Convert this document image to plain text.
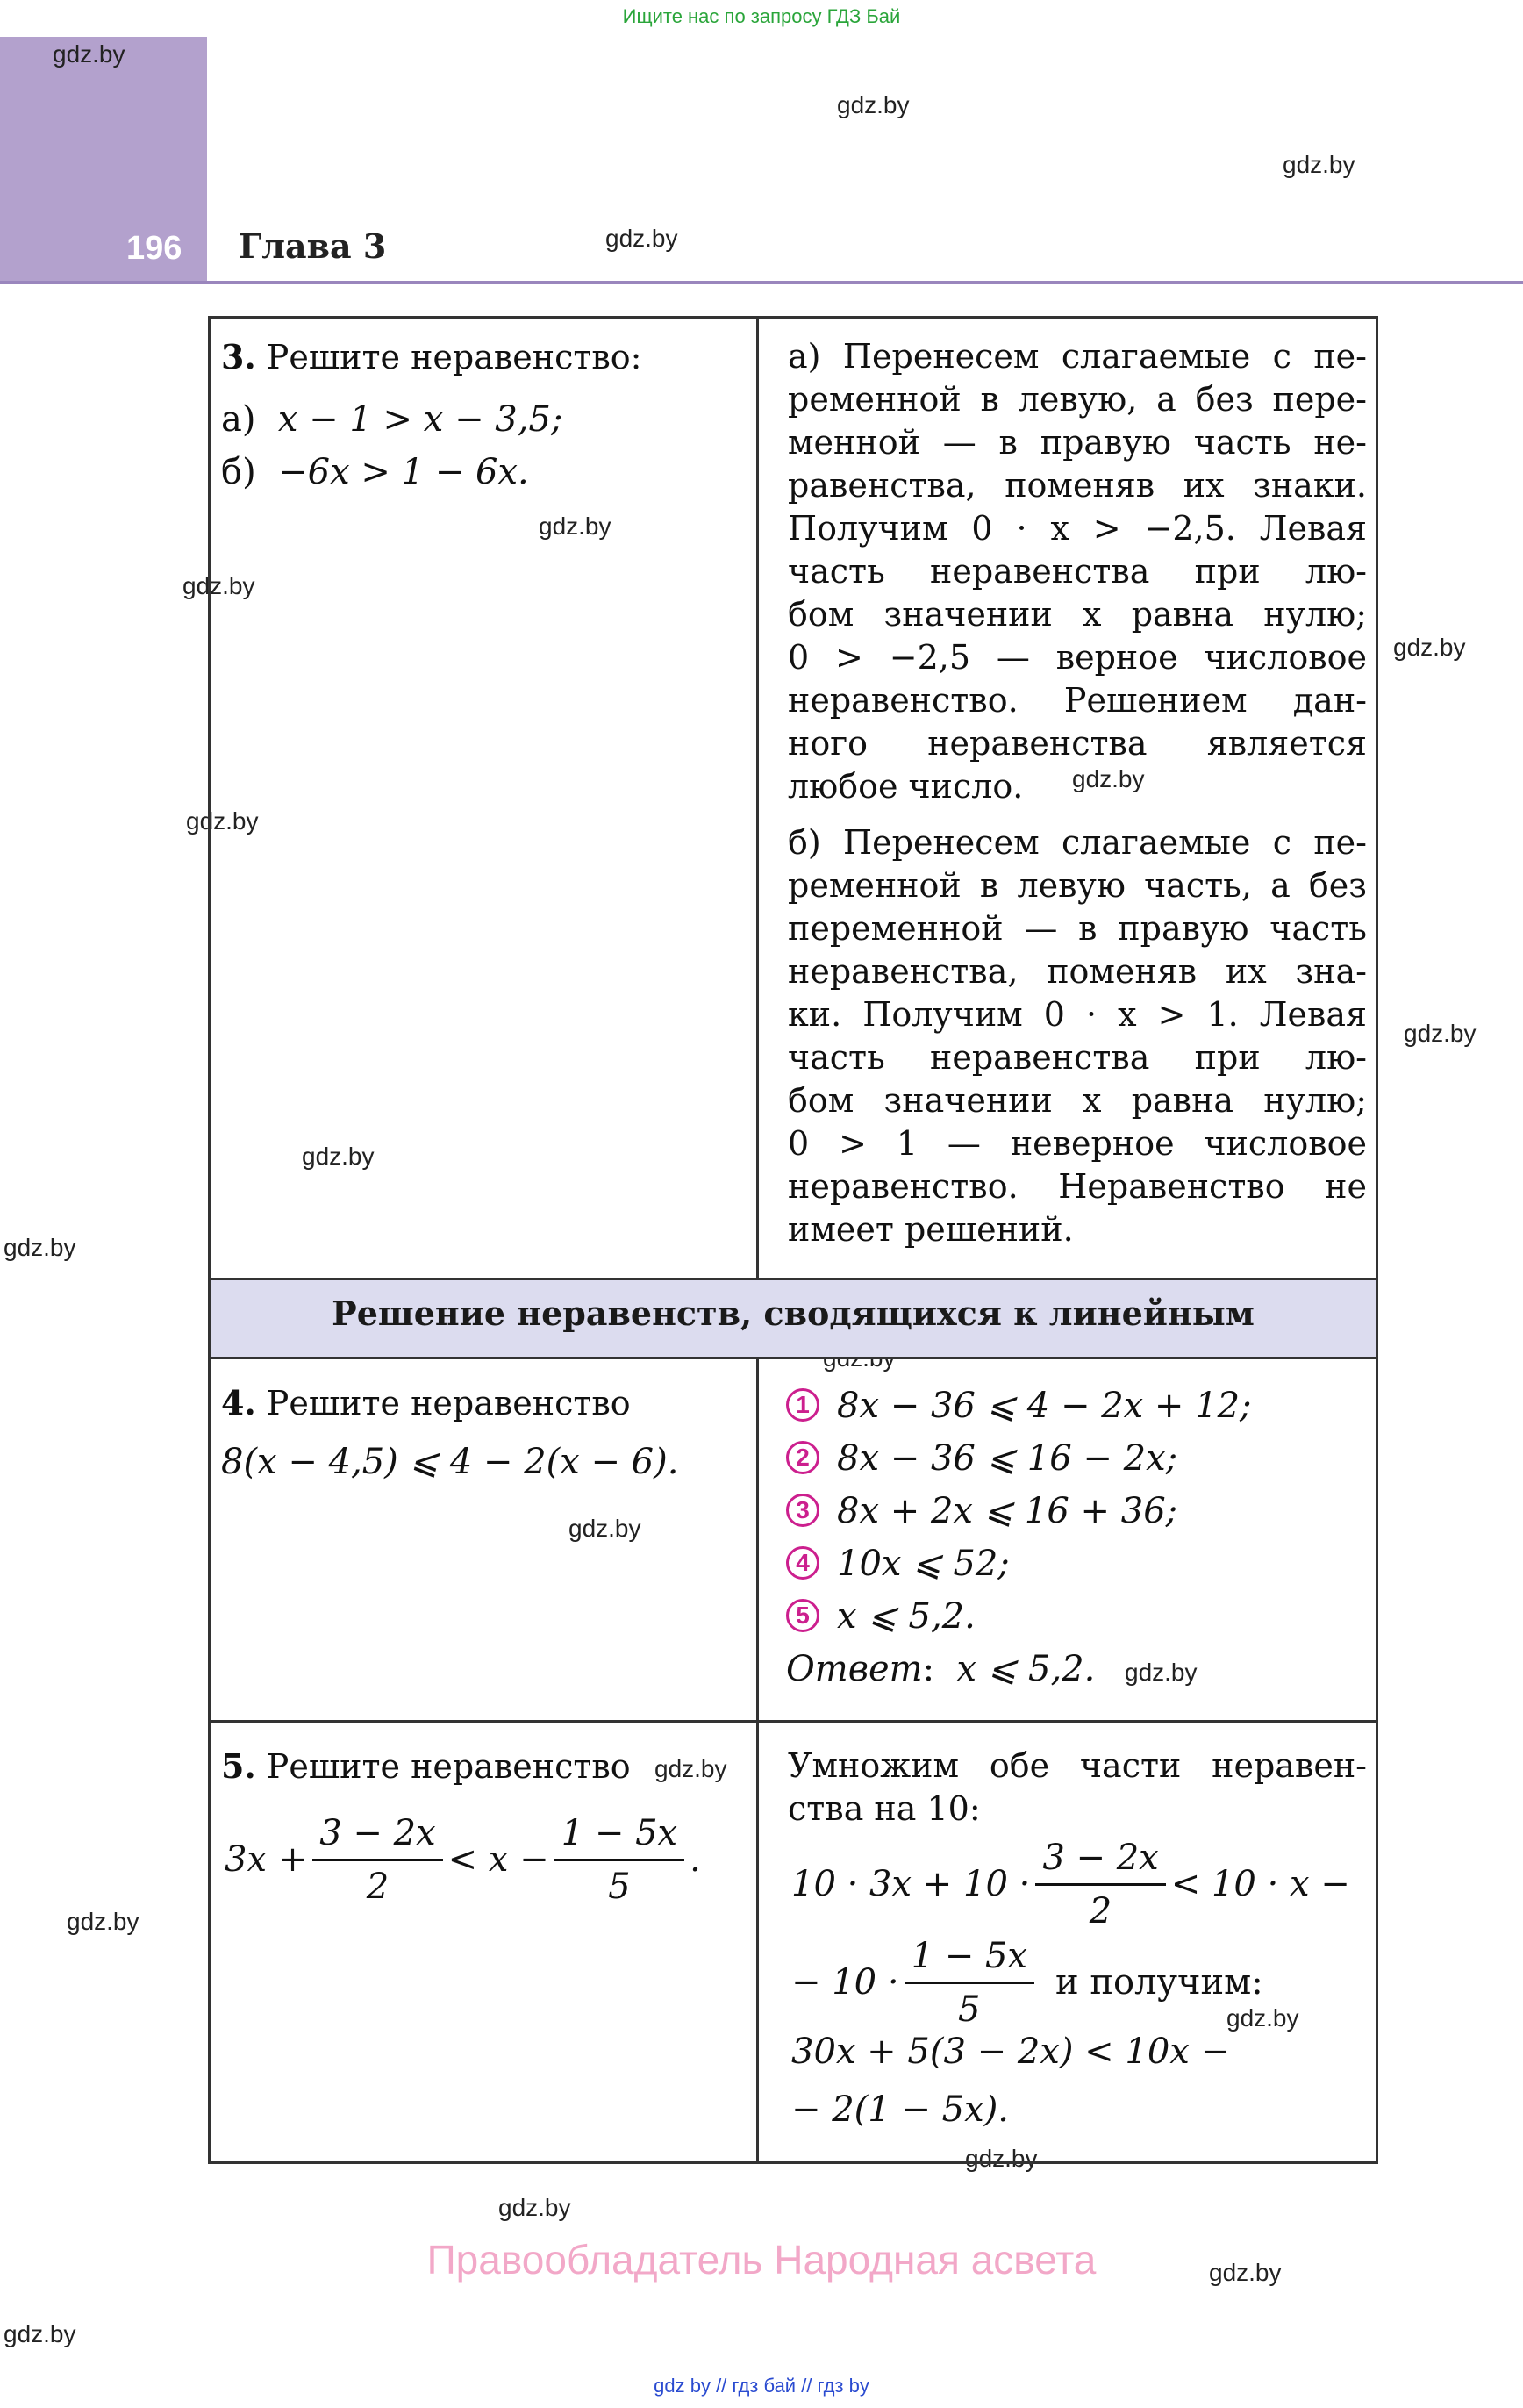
Ищите нас по запросу ГДЗ Бай
196 Глава 3
gdz.by
gdz.by
gdz.by
gdz.by
gdz.by
gdz.by
gdz.by
gdz.by
gdz.by
gdz.by
gdz.by
gdz.by
gdz.by
gdz.by
gdz.by
gdz.by
gdz.by
gdz.by
gdz.by
gdz.by
gdz.by
3. Решите неравенство:
а) x − 1 > x − 3,5;
б) −6x > 1 − 6x.
а) Перенесем слагаемые с пе-
ременной в левую, а без пере-
менной — в правую часть не-
равенства, поменяв их знаки.
Получим 0 · x > −2,5. Левая
часть неравенства при лю-
бом значении x равна нулю;
0 > −2,5 — верное числовое
неравенство. Решением дан-
ного неравенства является
любое число.
б) Перенесем слагаемые с пе-
ременной в левую часть, а без
переменной — в правую часть
неравенства, поменяв их зна-
ки. Получим 0 · x > 1. Левая
часть неравенства при лю-
бом значении x равна нулю;
0 > 1 — неверное числовое
неравенство. Неравенство не
имеет решений.
Решение неравенств, сводящихся к линейным
4. Решите неравенство
8(x − 4,5) ⩽ 4 − 2(x − 6).
1 8x − 36 ⩽ 4 − 2x + 12;
2 8x − 36 ⩽ 16 − 2x;
3 8x + 2x ⩽ 16 + 36;
4 10x ⩽ 52;
5 x ⩽ 5,2.
Ответ:  x ⩽ 5,2.
5. Решите неравенство
$3x + \frac{3 - 2x}{2} < x - \frac{1 - 5x}{5}$ .
Умножим обе части неравен-
ства на 10:
$10 \cdot 3x + 10 \cdot \frac{3 - 2x}{2} < 10 \cdot x$ −
− $10 \cdot \frac{1 - 5x}{5}$ и получим:
30x + 5(3 − 2x) < 10x −
− 2(1 − 5x).
Правообладатель Народная асвета
gdz by // гдз бай // гдз by
